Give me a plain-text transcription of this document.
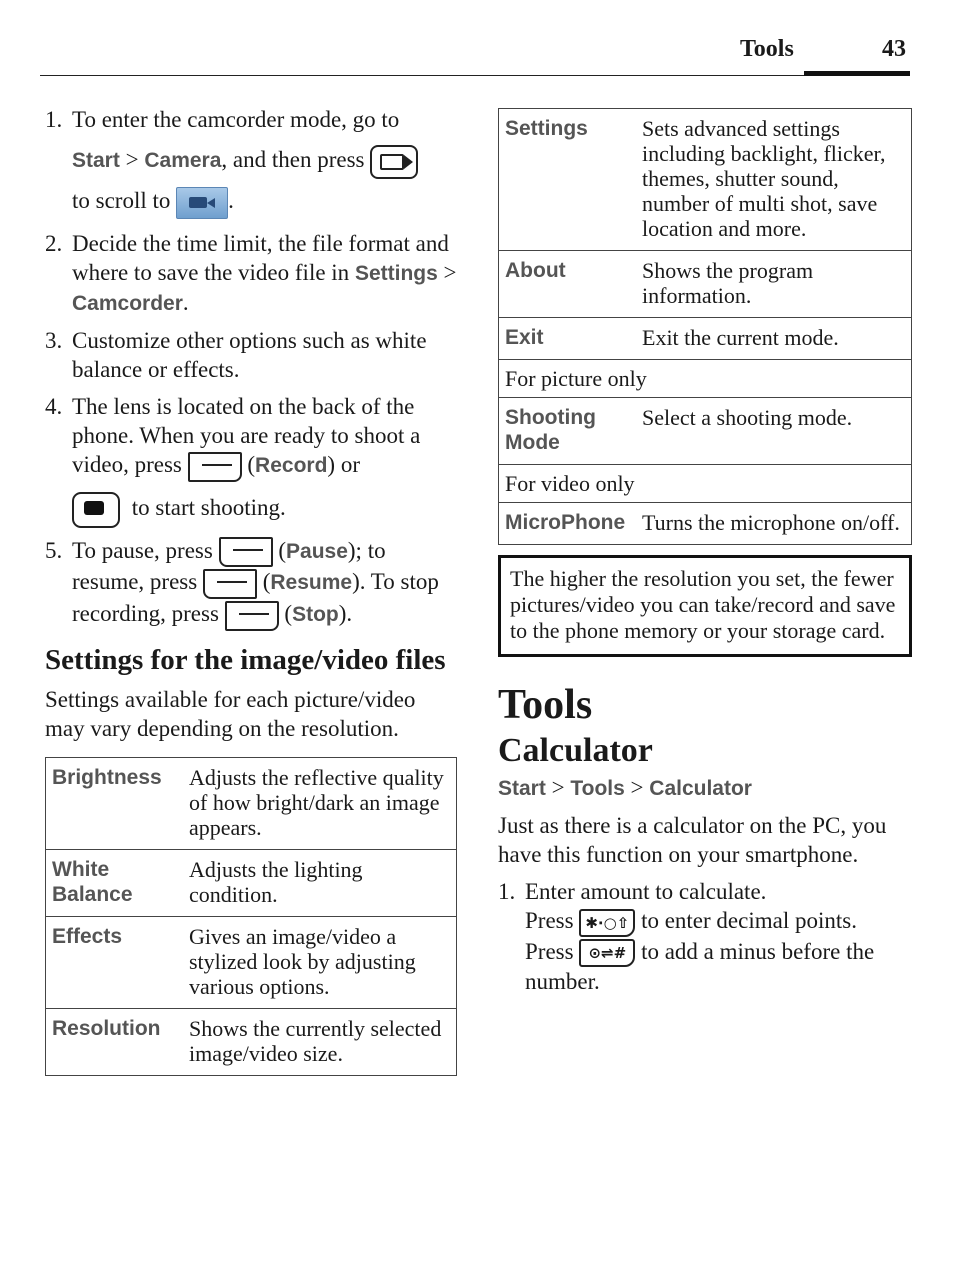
Tools	43
1. To enter the camcorder mode, go to
Start > Camera, and then press

to scroll to	.
2. Decide the time limit, the file format and where to save the video file in Settings > Camcorder.
3. Customize other options such as white balance or effects.
4. The lens is located on the back of the phone. When you are ready to shoot a video, press	(Record) or
to start shooting.
5. To pause, press	(Pause); to resume, press	(Resume). To stop recording, press	(Stop).
Settings for the image/video files

Settings available for each picture/video may vary depending on the resolution.

Brightness	Adjusts the reflective quality of how bright/dark an image appears.
White Balance	Adjusts the lighting condition.
Effects	Gives an image/video a stylized look by adjusting various options.
Resolution	Shows the currently selected image/video size.
Settings	Sets advanced settings including backlight, flicker, themes, shutter sound, number of multi shot, save location and more.
About	Shows the program information.
Exit	Exit the current mode.
For picture only	
Shooting Mode	Select a shooting mode.
For video only	
MicroPhone	Turns the microphone on/off.
The higher the resolution you set, the fewer pictures/video you can take/record and save to the phone memory or your storage card.
Tools
Calculator
Start > Tools > Calculator

Just as there is a calculator on the PC, you have this function on your smartphone.

1. Enter amount to calculate.
Press ✱∙○⇧ to enter decimal points.
Press ⊙⇌# to add a minus before the number.
